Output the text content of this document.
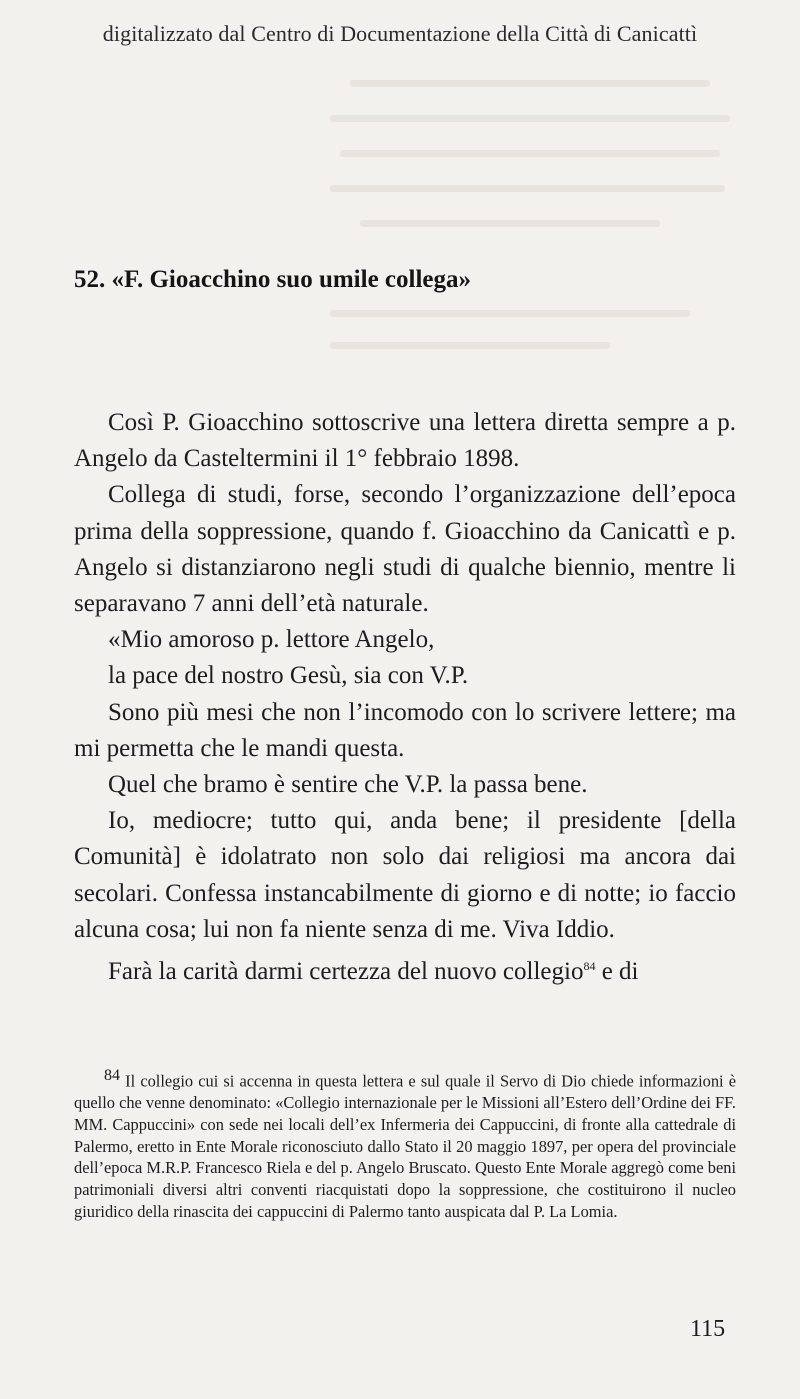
digitalizzato dal Centro di Documentazione della Città di Canicattì
52. «F. Gioacchino suo umile collega»

Così P. Gioacchino sottoscrive una lettera diretta sempre a p. Angelo da Casteltermini il 1° febbraio 1898.

Collega di studi, forse, secondo l’organizzazione dell’epoca prima della soppressione, quando f. Gioacchino da Canicattì e p. Angelo si distanziarono negli studi di qualche biennio, mentre li separavano 7 anni dell’età naturale.

«Mio amoroso p. lettore Angelo,

la pace del nostro Gesù, sia con V.P.

Sono più mesi che non l’incomodo con lo scrivere lettere; ma mi permetta che le mandi questa.

Quel che bramo è sentire che V.P. la passa bene.

Io, mediocre; tutto qui, anda bene; il presidente [della Comunità] è idolatrato non solo dai religiosi ma ancora dai secolari. Confessa instancabilmente di giorno e di notte; io faccio alcuna cosa; lui non fa niente senza di me. Viva Iddio.

Farà la carità darmi certezza del nuovo collegio$^{84}$ e di

$^{84}$ Il collegio cui si accenna in questa lettera e sul quale il Servo di Dio chiede informazioni è quello che venne denominato: «Collegio internazionale per le Missioni all’Estero dell’Ordine dei FF. MM. Cappuccini» con sede nei locali dell’ex Infermeria dei Cappuccini, di fronte alla cattedrale di Palermo, eretto in Ente Morale riconosciuto dallo Stato il 20 maggio 1897, per opera del provinciale dell’epoca M.R.P. Francesco Riela e del p. Angelo Bruscato. Questo Ente Morale aggregò come beni patrimoniali diversi altri conventi riacquistati dopo la soppressione, che costituirono il nucleo giuridico della rinascita dei cappuccini di Palermo tanto auspicata dal P. La Lomia.

115
